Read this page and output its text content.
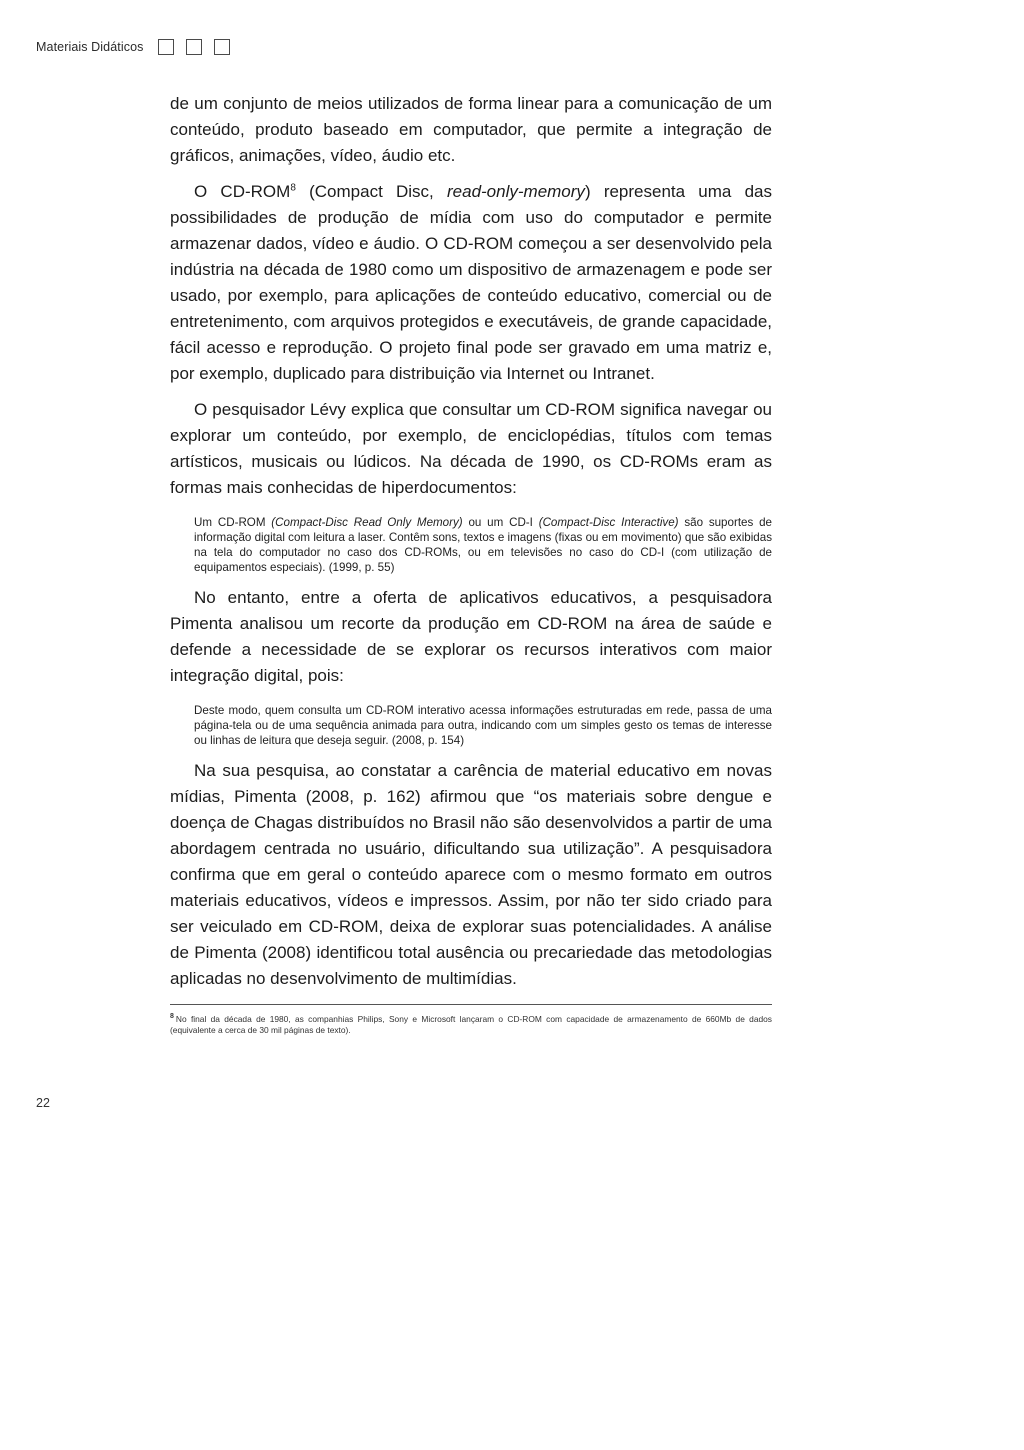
Materiais Didáticos

de um conjunto de meios utilizados de forma linear para a comunicação de um conteúdo, produto baseado em computador, que permite a integração de gráficos, animações, vídeo, áudio etc.

O CD-ROM$^8$ (Compact Disc, read-only-memory) representa uma das possibilidades de produção de mídia com uso do computador e permite armazenar dados, vídeo e áudio. O CD-ROM começou a ser desenvolvido pela indústria na década de 1980 como um dispositivo de armazenagem e pode ser usado, por exemplo, para aplicações de conteúdo educativo, comercial ou de entretenimento, com arquivos protegidos e executáveis, de grande capacidade, fácil acesso e reprodução. O projeto final pode ser gravado em uma matriz e, por exemplo, duplicado para distribuição via Internet ou Intranet.

O pesquisador Lévy explica que consultar um CD-ROM significa navegar ou explorar um conteúdo, por exemplo, de enciclopédias, títulos com temas artísticos, musicais ou lúdicos. Na década de 1990, os CD-ROMs eram as formas mais conhecidas de hiperdocumentos:

Um CD-ROM (Compact-Disc Read Only Memory) ou um CD-I (Compact-Disc Interactive) são suportes de informação digital com leitura a laser. Contêm sons, textos e imagens (fixas ou em movimento) que são exibidas na tela do computador no caso dos CD-ROMs, ou em televisões no caso do CD-I (com utilização de equipamentos especiais). (1999, p. 55)

No entanto, entre a oferta de aplicativos educativos, a pesquisadora Pimenta analisou um recorte da produção em CD-ROM na área de saúde e defende a necessidade de se explorar os recursos interativos com maior integração digital, pois:

Deste modo, quem consulta um CD-ROM interativo acessa informações estruturadas em rede, passa de uma página-tela ou de uma sequência animada para outra, indicando com um simples gesto os temas de interesse ou linhas de leitura que deseja seguir. (2008, p. 154)

Na sua pesquisa, ao constatar a carência de material educativo em novas mídias, Pimenta (2008, p. 162) afirmou que “os materiais sobre dengue e doença de Chagas distribuídos no Brasil não são desenvolvidos a partir de uma abordagem centrada no usuário, dificultando sua utilização”. A pesquisadora confirma que em geral o conteúdo aparece com o mesmo formato em outros materiais educativos, vídeos e impressos. Assim, por não ter sido criado para ser veiculado em CD-ROM, deixa de explorar suas potencialidades. A análise de Pimenta (2008) identificou total ausência ou precariedade das metodologias aplicadas no desenvolvimento de multimídias.

$^8$ No final da década de 1980, as companhias Philips, Sony e Microsoft lançaram o CD-ROM com capacidade de armazenamento de 660Mb de dados (equivalente a cerca de 30 mil páginas de texto).
22
